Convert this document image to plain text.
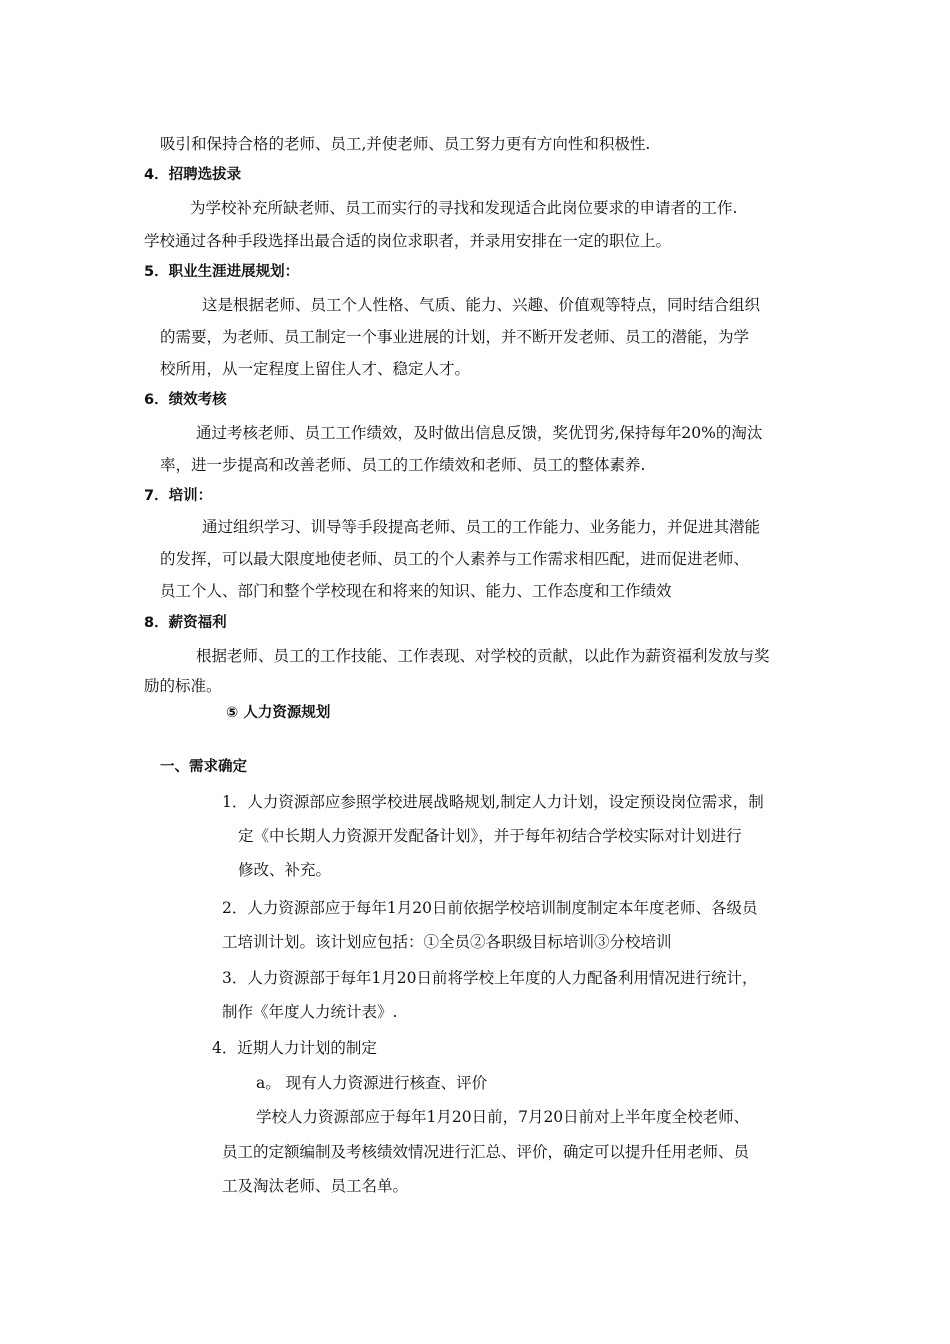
吸引和保持合格的老师、员工,并使老师、员工努力更有方向性和积极性.
4．招聘选拔录
为学校补充所缺老师、员工而实行的寻找和发现适合此岗位要求的申请者的工作.
学校通过各种手段选择出最合适的岗位求职者，并录用安排在一定的职位上。
5．职业生涯进展规划：
这是根据老师、员工个人性格、气质、能力、兴趣、价值观等特点，同时结合组织
的需要，为老师、员工制定一个事业进展的计划，并不断开发老师、员工的潜能，为学
校所用，从一定程度上留住人才、稳定人才。
6．绩效考核
通过考核老师、员工工作绩效，及时做出信息反馈，奖优罚劣,保持每年20%的淘汰
率，进一步提高和改善老师、员工的工作绩效和老师、员工的整体素养.
7．培训：
通过组织学习、训导等手段提高老师、员工的工作能力、业务能力，并促进其潜能
的发挥，可以最大限度地使老师、员工的个人素养与工作需求相匹配，进而促进老师、
员工个人、部门和整个学校现在和将来的知识、能力、工作态度和工作绩效
8．薪资福利
根据老师、员工的工作技能、工作表现、对学校的贡献，以此作为薪资福利发放与奖
励的标准。
⑤ 人力资源规划
一、需求确定
1．人力资源部应参照学校进展战略规划,制定人力计划，设定预设岗位需求，制
定《中长期人力资源开发配备计划》，并于每年初结合学校实际对计划进行
修改、补充。
2．人力资源部应于每年1月20日前依据学校培训制度制定本年度老师、各级员
工培训计划。该计划应包括：①全员②各职级目标培训③分校培训
3．人力资源部于每年1月20日前将学校上年度的人力配备利用情况进行统计，
制作《年度人力统计表》.
4．近期人力计划的制定
a。 现有人力资源进行核查、评价
学校人力资源部应于每年1月20日前，7月20日前对上半年度全校老师、
员工的定额编制及考核绩效情况进行汇总、评价，确定可以提升任用老师、员
工及淘汰老师、员工名单。
